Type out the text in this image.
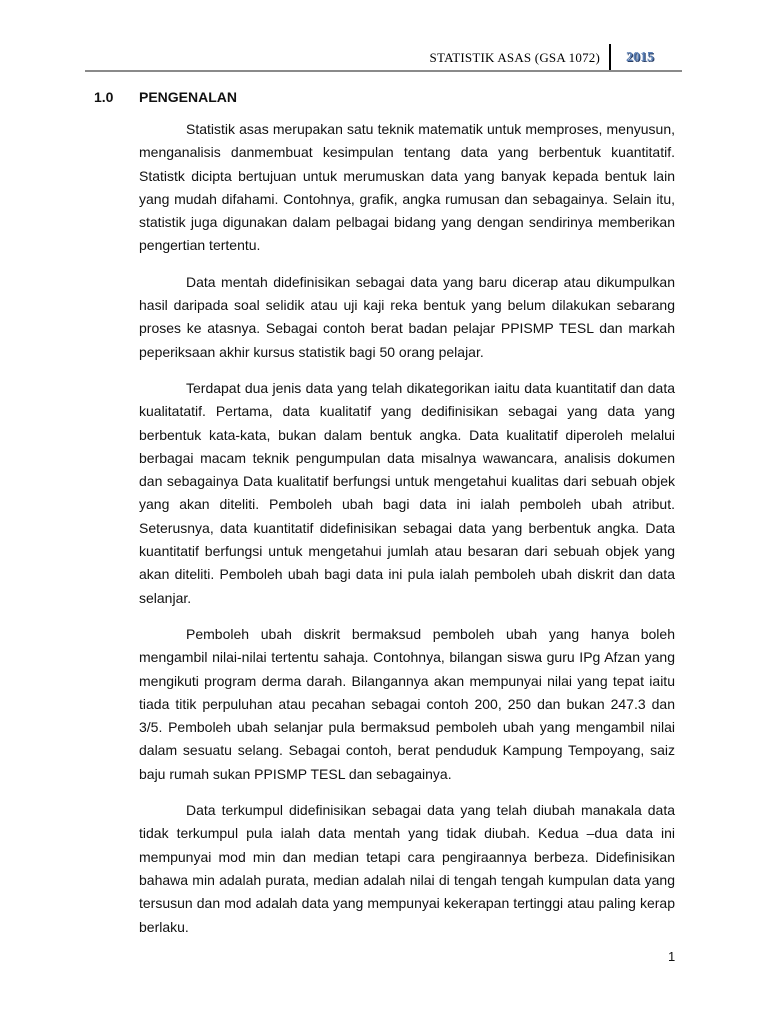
STATISTIK ASAS (GSA 1072) 2015
1.0 PENGENALAN

Statistik asas merupakan satu teknik matematik untuk memproses, menyusun, menganalisis danmembuat kesimpulan tentang data yang berbentuk kuantitatif. Statistk dicipta bertujuan untuk merumuskan data yang banyak kepada bentuk lain yang mudah difahami. Contohnya, grafik, angka rumusan dan sebagainya. Selain itu, statistik juga digunakan dalam pelbagai bidang yang dengan sendirinya memberikan pengertian tertentu.

Data mentah didefinisikan sebagai data yang baru dicerap atau dikumpulkan hasil daripada soal selidik atau uji kaji reka bentuk yang belum dilakukan sebarang proses ke atasnya. Sebagai contoh berat badan pelajar PPISMP TESL dan markah peperiksaan akhir kursus statistik bagi 50 orang pelajar.

Terdapat dua jenis data yang telah dikategorikan iaitu data kuantitatif dan data kualitatatif. Pertama, data kualitatif yang dedifinisikan sebagai yang data yang berbentuk kata-kata, bukan dalam bentuk angka. Data kualitatif diperoleh melalui berbagai macam teknik pengumpulan data misalnya wawancara, analisis dokumen dan sebagainya Data kualitatif berfungsi untuk mengetahui kualitas dari sebuah objek yang akan diteliti. Pemboleh ubah bagi data ini ialah pemboleh ubah atribut. Seterusnya, data kuantitatif didefinisikan sebagai data yang berbentuk angka. Data kuantitatif berfungsi untuk mengetahui jumlah atau besaran dari sebuah objek yang akan diteliti. Pemboleh ubah bagi data ini pula ialah pemboleh ubah diskrit dan data selanjar.

Pemboleh ubah diskrit bermaksud pemboleh ubah yang hanya boleh mengambil nilai-nilai tertentu sahaja. Contohnya, bilangan siswa guru IPg Afzan yang mengikuti program derma darah. Bilangannya akan mempunyai nilai yang tepat iaitu tiada titik perpuluhan atau pecahan sebagai contoh 200, 250 dan bukan 247.3 dan 3/5. Pemboleh ubah selanjar pula bermaksud pemboleh ubah yang mengambil nilai dalam sesuatu selang. Sebagai contoh, berat penduduk Kampung Tempoyang, saiz baju rumah sukan PPISMP TESL dan sebagainya.

Data terkumpul didefinisikan sebagai data yang telah diubah manakala data tidak terkumpul pula ialah data mentah yang tidak diubah. Kedua –dua data ini mempunyai mod min dan median tetapi cara pengiraannya berbeza. Didefinisikan bahawa min adalah purata, median adalah nilai di tengah tengah kumpulan data yang tersusun dan mod adalah data yang mempunyai kekerapan tertinggi atau paling kerap berlaku.

1
